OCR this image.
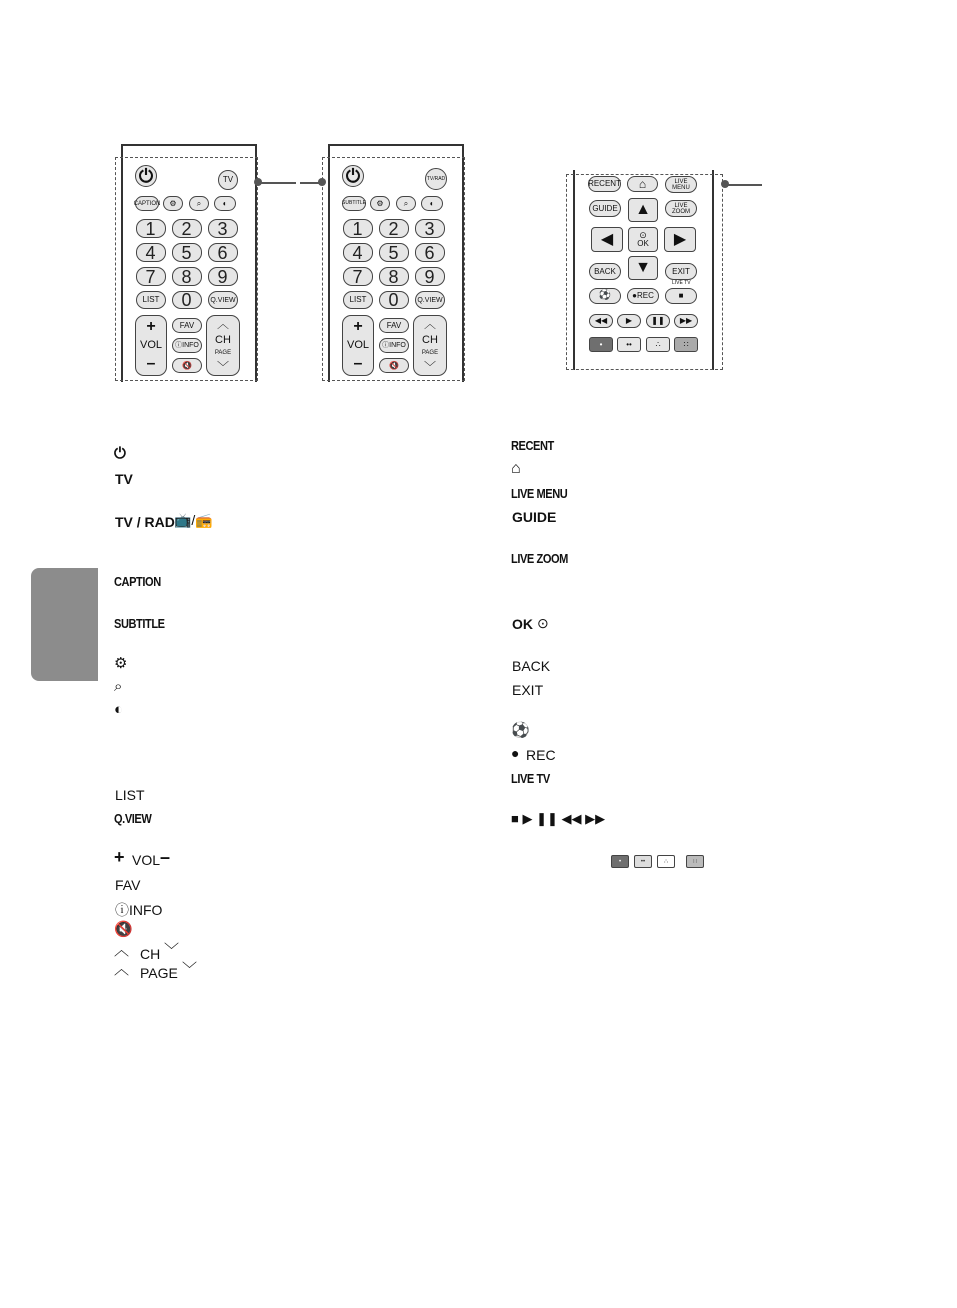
⏻	TV
CAPTION	⚙	⌕	◐
1	2	3
4	5	6
7	8	9
LIST	0	Q.VIEW
+
VOL
–
FAV
ⓘINFO
🔇
︿
CH
PAGE
﹀
⏻	TV/RAD
SUBTITLE	⚙	⌕	◐
1	2	3
4	5	6
7	8	9
LIST	0	Q.VIEW
+
VOL
–
FAV
ⓘINFO
🔇
︿
CH
PAGE
﹀
RECENT	⌂	LIVE MENU
GUIDE	LIVE ZOOM
▲
◀	⊙
OK	▶
▼
BACK	EXIT
⚽	●REC
LIVE TV
■
◀◀	▶	❚❚	▶▶
•	••	∴	∷
⏻
TV
TV / RAD 📺/📻
CAPTION
SUBTITLE
⚙
⌕
◐
LIST
Q.VIEW
+ VOL –
FAV
ⓘINFO
🔇
︿ CH ﹀
︿ PAGE ﹀
RECENT
⌂
LIVE MENU
GUIDE
LIVE ZOOM
OK ⊙
BACK
EXIT
⚽
● REC
LIVE TV
■ ▶ ❚❚ ◀◀ ▶▶
•	••	∴	∷
